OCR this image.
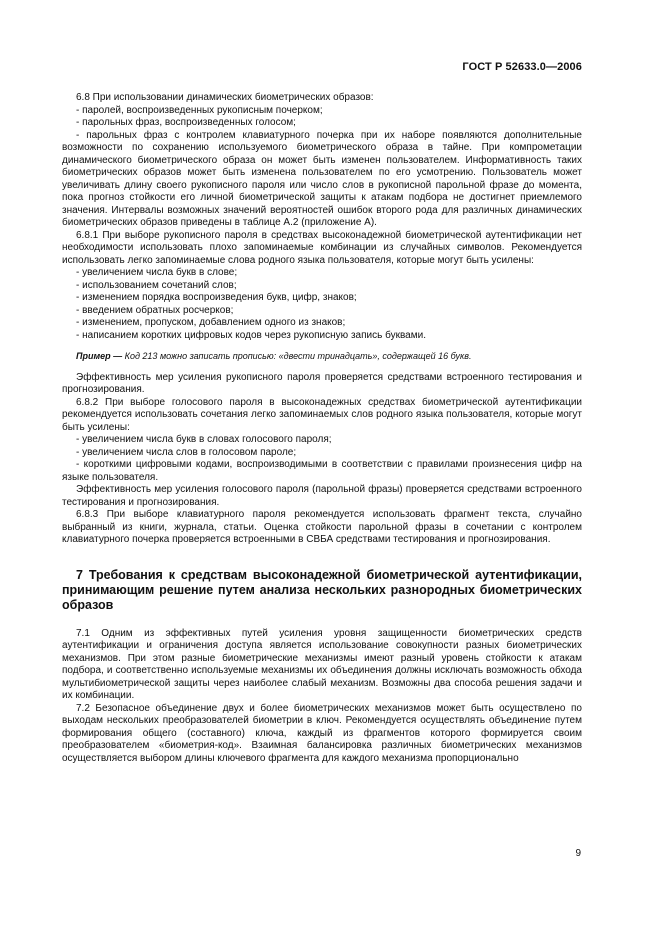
ГОСТ Р 52633.0—2006

6.8 При использовании динамических биометрических образов:

- паролей, воспроизведенных рукописным почерком;

- парольных фраз, воспроизведенных голосом;

- парольных фраз с контролем клавиатурного почерка при их наборе появляются дополнительные возможности по сохранению используемого биометрического образа в тайне. При компрометации динамического биометрического образа он может быть изменен пользователем. Информативность таких биометрических образов может быть изменена пользователем по его усмотрению. Пользователь может увеличивать длину своего рукописного пароля или число слов в рукописной парольной фразе до момента, пока прогноз стойкости его личной биометрической защиты к атакам подбора не достигнет приемлемого значения. Интервалы возможных значений вероятностей ошибок второго рода для различных динамических биометрических образов приведены в таблице А.2 (приложение А).

6.8.1 При выборе рукописного пароля в средствах высоконадежной биометрической аутентификации нет необходимости использовать плохо запоминаемые комбинации из случайных символов. Рекомендуется использовать легко запоминаемые слова родного языка пользователя, которые могут быть усилены:

- увеличением числа букв в слове;

- использованием сочетаний слов;

- изменением порядка воспроизведения букв, цифр, знаков;

- введением обратных росчерков;

- изменением, пропуском, добавлением одного из знаков;

- написанием коротких цифровых кодов через рукописную запись буквами.

Пример — Код 213 можно записать прописью: «двести тринадцать», содержащей 16 букв.

Эффективность мер усиления рукописного пароля проверяется средствами встроенного тестирования и прогнозирования.

6.8.2 При выборе голосового пароля в высоконадежных средствах биометрической аутентификации рекомендуется использовать сочетания легко запоминаемых слов родного языка пользователя, которые могут быть усилены:

- увеличением числа букв в словах голосового пароля;

- увеличением числа слов в голосовом пароле;

- короткими цифровыми кодами, воспроизводимыми в соответствии с правилами произнесения цифр на языке пользователя.

Эффективность мер усиления голосового пароля (парольной фразы) проверяется средствами встроенного тестирования и прогнозирования.

6.8.3 При выборе клавиатурного пароля рекомендуется использовать фрагмент текста, случайно выбранный из книги, журнала, статьи. Оценка стойкости парольной фразы в сочетании с контролем клавиатурного почерка проверяется встроенными в СВБА средствами тестирования и прогнозирования.

7 Требования к средствам высоконадежной биометрической аутентификации, принимающим решение путем анализа нескольких разнородных биометрических образов

7.1 Одним из эффективных путей усиления уровня защищенности биометрических средств аутентификации и ограничения доступа является использование совокупности разных биометрических механизмов. При этом разные биометрические механизмы имеют разный уровень стойкости к атакам подбора, и соответственно используемые механизмы их объединения должны исключать возможность обхода мультибиометрической защиты через наиболее слабый механизм. Возможны два способа решения задачи и их комбинации.

7.2 Безопасное объединение двух и более биометрических механизмов может быть осуществлено по выходам нескольких преобразователей биометрии в ключ. Рекомендуется осуществлять объединение путем формирования общего (составного) ключа, каждый из фрагментов которого формируется своим преобразователем «биометрия-код». Взаимная балансировка различных биометрических механизмов осуществляется выбором длины ключевого фрагмента для каждого механизма пропорционально

9
